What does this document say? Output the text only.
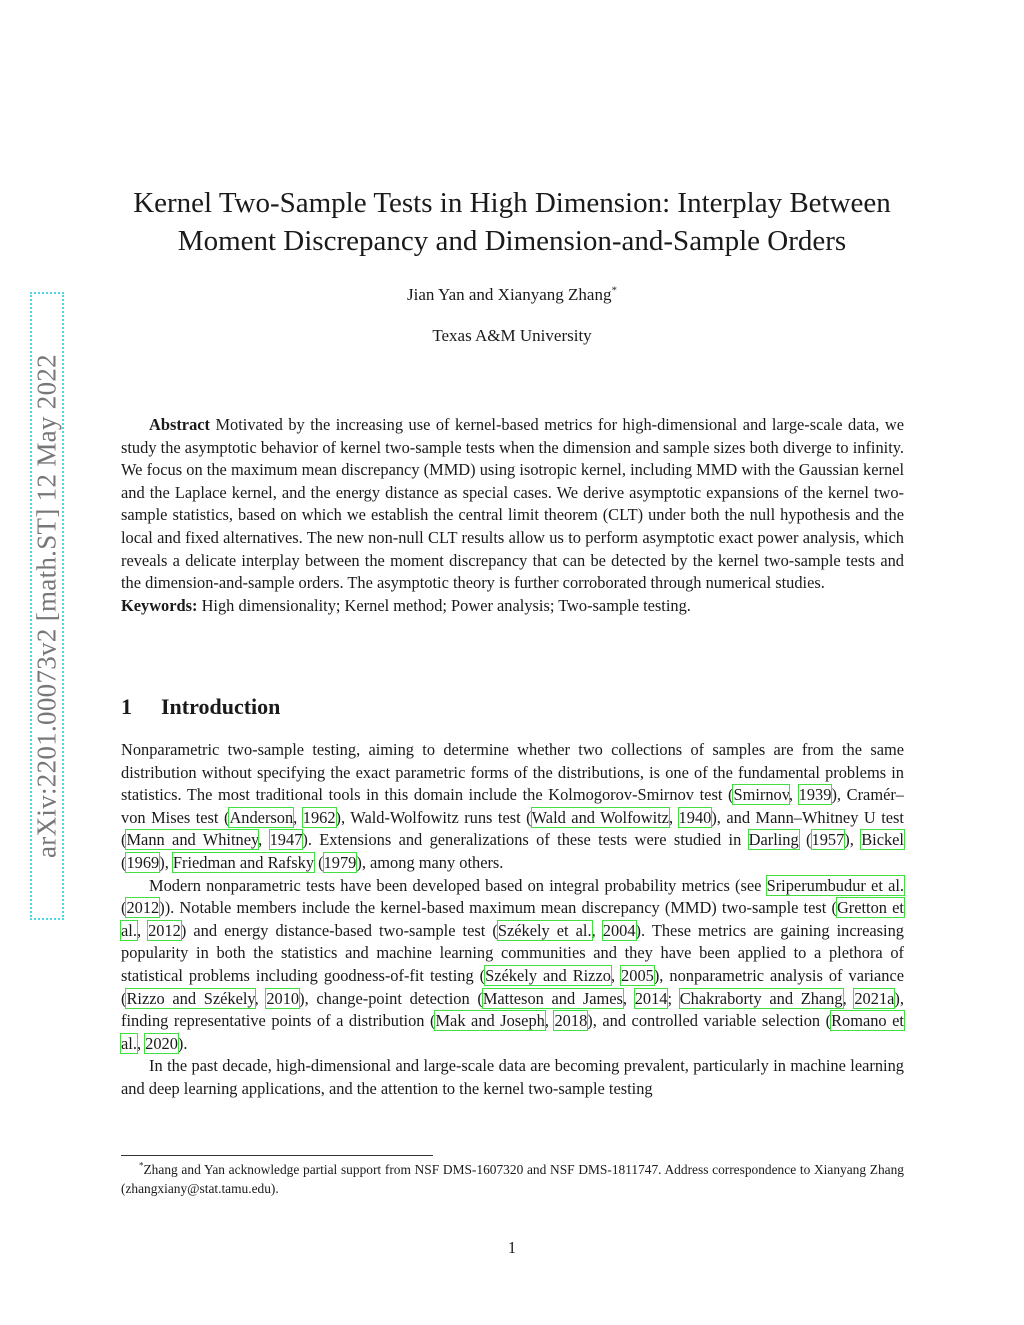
arXiv:2201.00073v2 [math.ST] 12 May 2022
Kernel Two-Sample Tests in High Dimension: Interplay Between
Moment Discrepancy and Dimension-and-Sample Orders
Jian Yan and Xianyang Zhang*
Texas A&M University

Abstract Motivated by the increasing use of kernel-based metrics for high-dimensional and large-scale data, we study the asymptotic behavior of kernel two-sample tests when the dimension and sample sizes both diverge to infinity. We focus on the maximum mean discrepancy (MMD) using isotropic kernel, including MMD with the Gaussian kernel and the Laplace kernel, and the energy distance as special cases. We derive asymptotic expansions of the kernel two-sample statistics, based on which we establish the central limit theorem (CLT) under both the null hypothesis and the local and fixed alternatives. The new non-null CLT results allow us to perform asymptotic exact power analysis, which reveals a delicate interplay between the moment discrepancy that can be detected by the kernel two-sample tests and the dimension-and-sample orders. The asymptotic theory is further corroborated through numerical studies.

Keywords: High dimensionality; Kernel method; Power analysis; Two-sample testing.

1 Introduction

Nonparametric two-sample testing, aiming to determine whether two collections of samples are from the same distribution without specifying the exact parametric forms of the distributions, is one of the fundamental problems in statistics. The most traditional tools in this domain include the Kolmogorov-Smirnov test (Smirnov, 1939), Cramér–von Mises test (Anderson, 1962), Wald-Wolfowitz runs test (Wald and Wolfowitz, 1940), and Mann–Whitney U test (Mann and Whitney, 1947). Extensions and generalizations of these tests were studied in Darling (1957), Bickel (1969), Friedman and Rafsky (1979), among many others.

Modern nonparametric tests have been developed based on integral probability metrics (see Sriperumbudur et al. (2012)). Notable members include the kernel-based maximum mean discrepancy (MMD) two-sample test (Gretton et al., 2012) and energy distance-based two-sample test (Székely et al., 2004). These metrics are gaining increasing popularity in both the statistics and machine learning communities and they have been applied to a plethora of statistical problems including goodness-of-fit testing (Székely and Rizzo, 2005), nonparametric analysis of variance (Rizzo and Székely, 2010), change-point detection (Matteson and James, 2014; Chakraborty and Zhang, 2021a), finding representative points of a distribution (Mak and Joseph, 2018), and controlled variable selection (Romano et al., 2020).

In the past decade, high-dimensional and large-scale data are becoming prevalent, particularly in machine learning and deep learning applications, and the attention to the kernel two-sample testing

*Zhang and Yan acknowledge partial support from NSF DMS-1607320 and NSF DMS-1811747. Address correspondence to Xianyang Zhang (zhangxiany@stat.tamu.edu).
1
